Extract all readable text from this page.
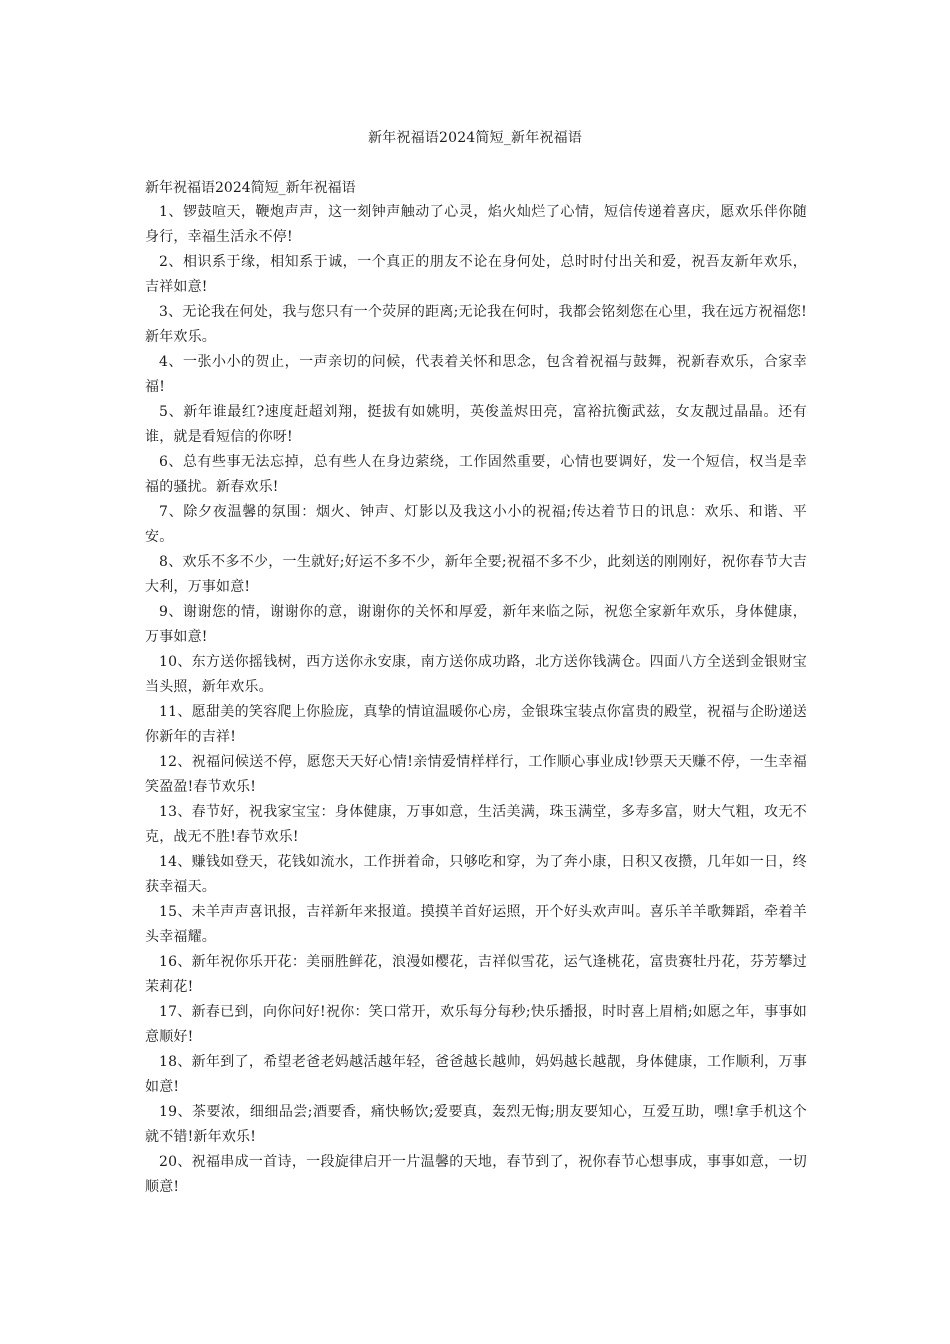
新年祝福语2024简短_新年祝福语
新年祝福语2024简短_新年祝福语
1、锣鼓喧天，鞭炮声声，这一刻钟声触动了心灵，焰火灿烂了心情，短信传递着喜庆，愿欢乐伴你随身行，幸福生活永不停!
2、相识系于缘，相知系于诚，一个真正的朋友不论在身何处，总时时付出关和爱，祝吾友新年欢乐，吉祥如意!
3、无论我在何处，我与您只有一个荧屏的距离;无论我在何时，我都会铭刻您在心里，我在远方祝福您!新年欢乐。
4、一张小小的贺止，一声亲切的问候，代表着关怀和思念，包含着祝福与鼓舞，祝新春欢乐，合家幸福!
5、新年谁最红?速度赶超刘翔，挺拔有如姚明，英俊盖烬田亮，富裕抗衡武兹，女友靓过晶晶。还有谁，就是看短信的你呀!
6、总有些事无法忘掉，总有些人在身边萦绕，工作固然重要，心情也要调好，发一个短信，权当是幸福的骚扰。新春欢乐!
7、除夕夜温馨的氛围：烟火、钟声、灯影以及我这小小的祝福;传达着节日的讯息：欢乐、和谐、平安。
8、欢乐不多不少，一生就好;好运不多不少，新年全要;祝福不多不少，此刻送的刚刚好，祝你春节大吉大利，万事如意!
9、谢谢您的情，谢谢你的意，谢谢你的关怀和厚爱，新年来临之际，祝您全家新年欢乐，身体健康，万事如意!
10、东方送你摇钱树，西方送你永安康，南方送你成功路，北方送你钱满仓。四面八方全送到金银财宝当头照，新年欢乐。
11、愿甜美的笑容爬上你脸庞，真挚的情谊温暖你心房，金银珠宝装点你富贵的殿堂，祝福与企盼递送你新年的吉祥!
12、祝福问候送不停，愿您天天好心情!亲情爱情样样行，工作顺心事业成!钞票天天赚不停，一生幸福笑盈盈!春节欢乐!
13、春节好，祝我家宝宝：身体健康，万事如意，生活美满，珠玉满堂，多寿多富，财大气粗，攻无不克，战无不胜!春节欢乐!
14、赚钱如登天，花钱如流水，工作拼着命，只够吃和穿，为了奔小康，日积又夜攒，几年如一日，终获幸福天。
15、未羊声声喜讯报，吉祥新年来报道。摸摸羊首好运照，开个好头欢声叫。喜乐羊羊歌舞蹈，牵着羊头幸福耀。
16、新年祝你乐开花：美丽胜鲜花，浪漫如樱花，吉祥似雪花，运气逢桃花，富贵赛牡丹花，芬芳攀过茉莉花!
17、新春已到，向你问好!祝你：笑口常开，欢乐每分每秒;快乐播报，时时喜上眉梢;如愿之年，事事如意顺好!
18、新年到了，希望老爸老妈越活越年轻，爸爸越长越帅，妈妈越长越靓，身体健康，工作顺利，万事如意!
19、茶要浓，细细品尝;酒要香，痛快畅饮;爱要真，轰烈无悔;朋友要知心，互爱互助，嘿!拿手机这个就不错!新年欢乐!
20、祝福串成一首诗，一段旋律启开一片温馨的天地，春节到了，祝你春节心想事成，事事如意，一切顺意!
